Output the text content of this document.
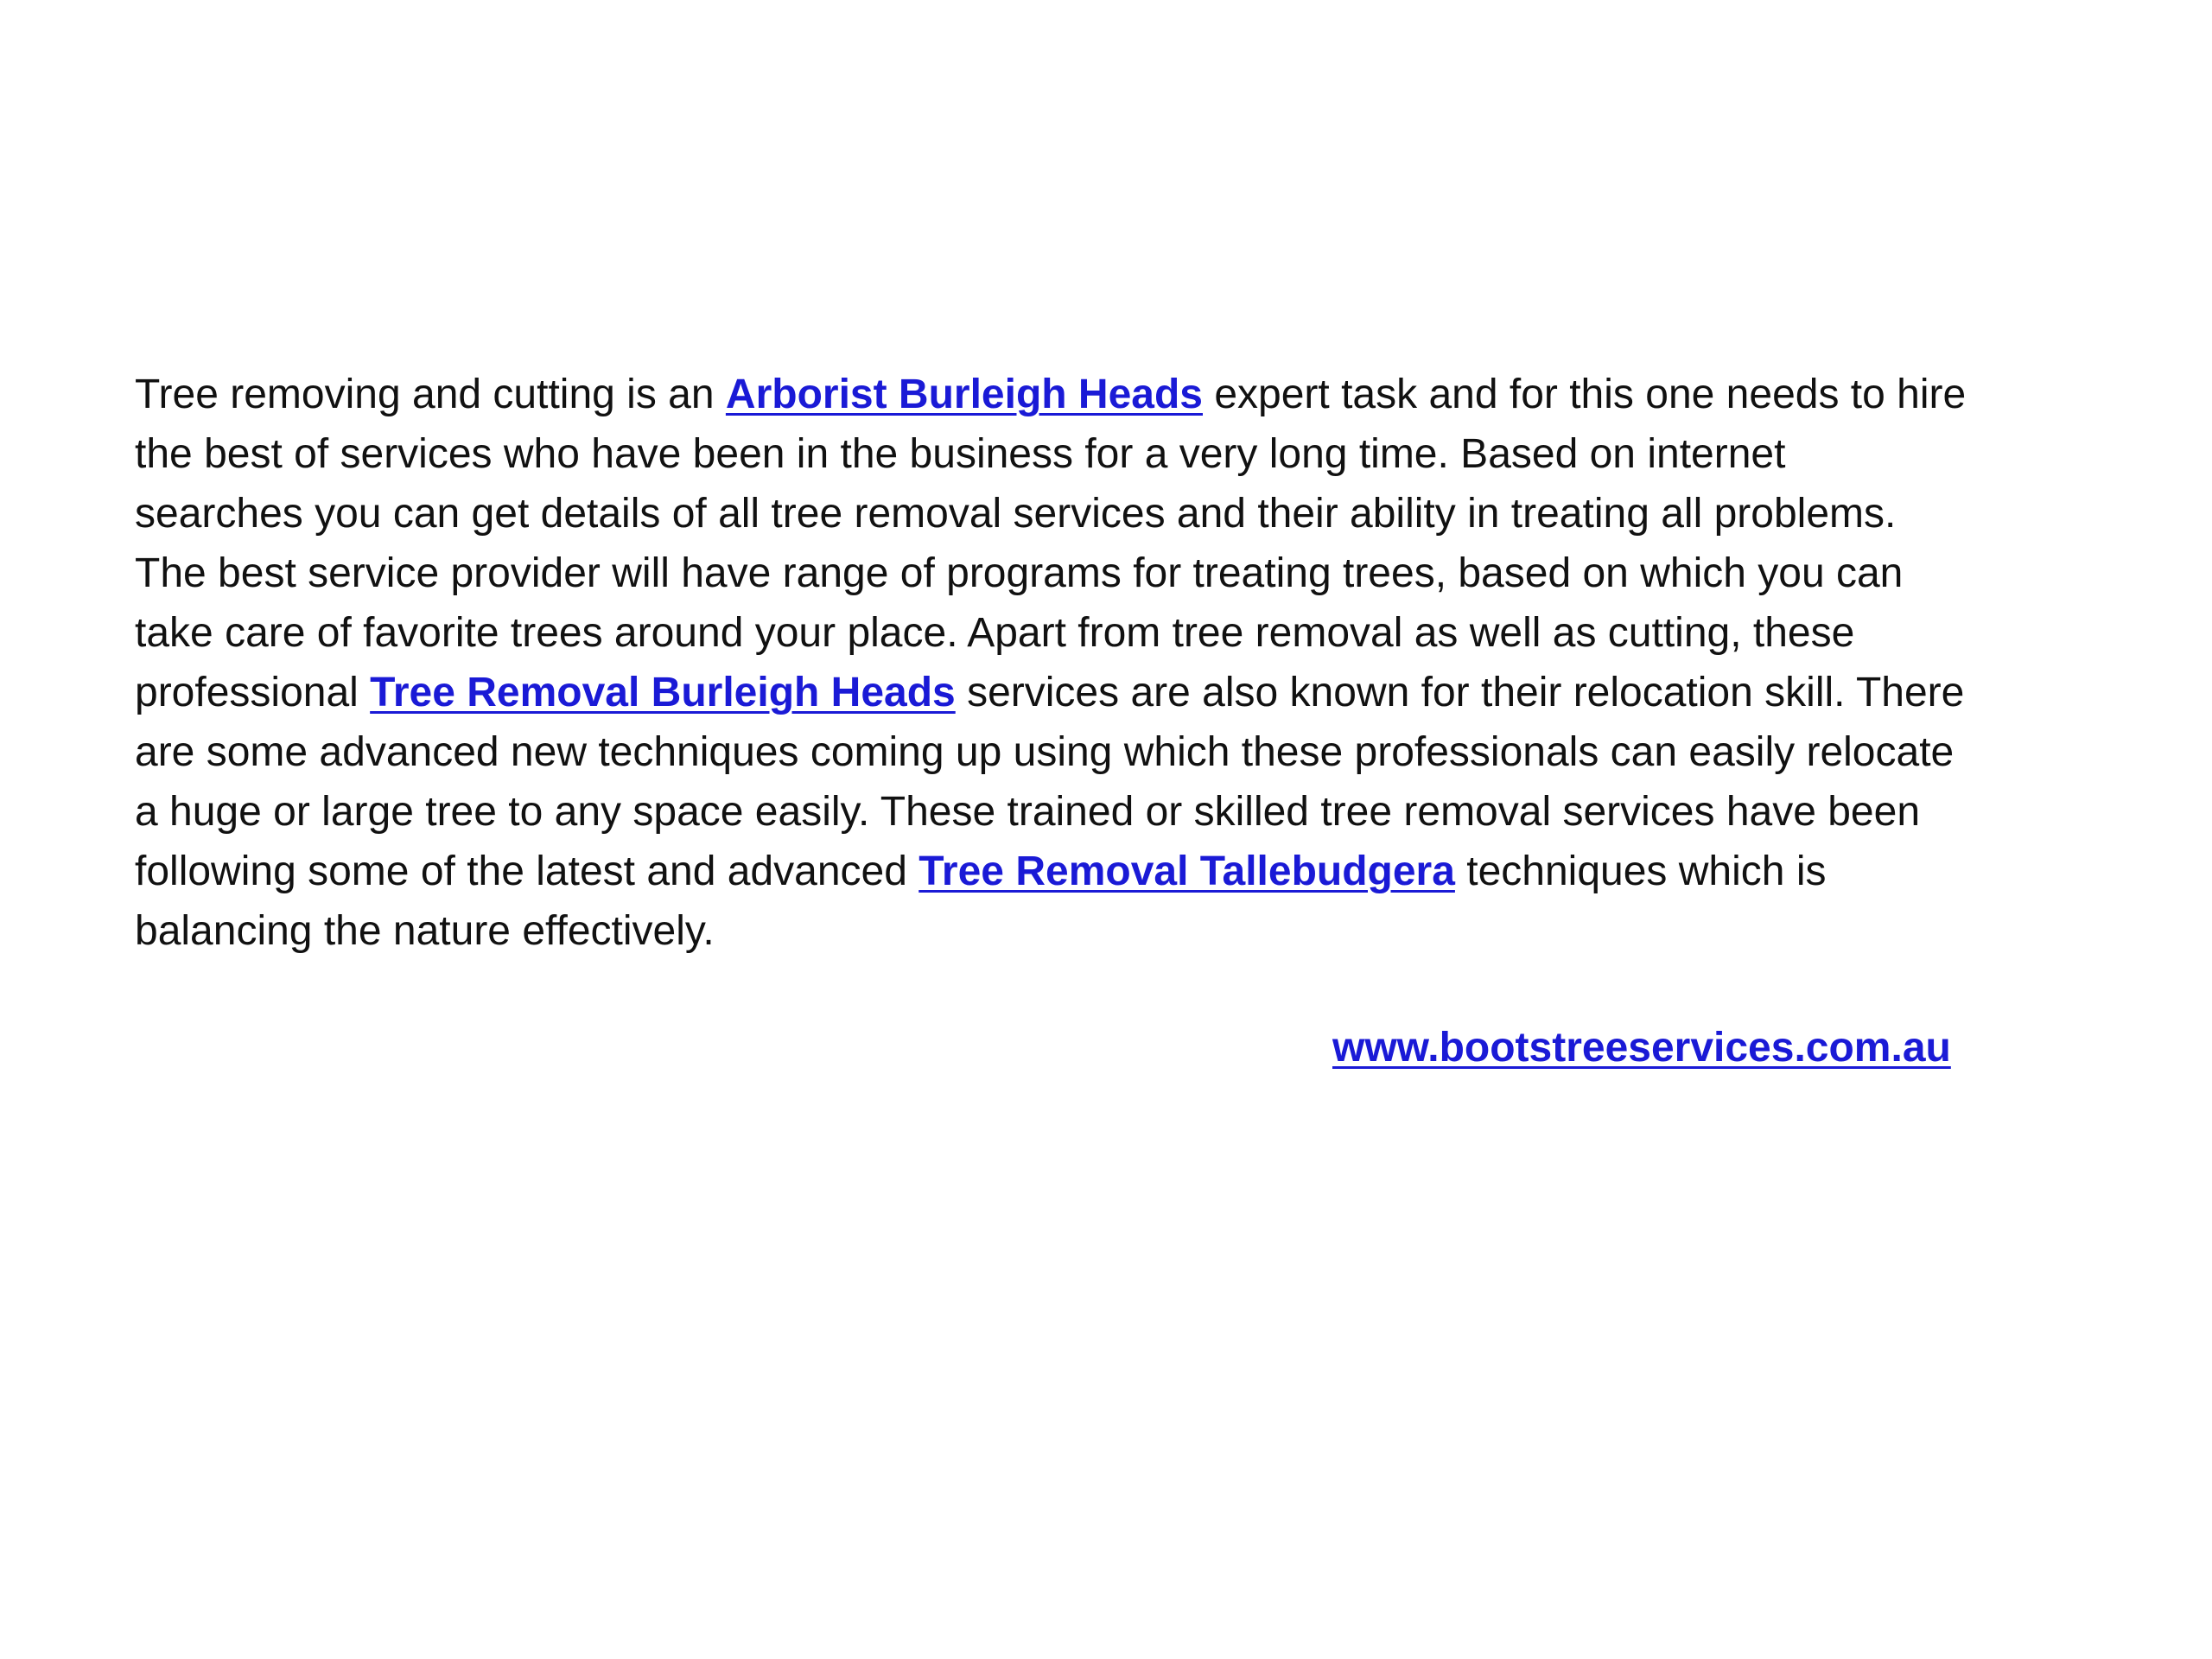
Tree removing and cutting is an Arborist Burleigh Heads expert task and for this one needs to hire
the best of services who have been in the business for a very long time. Based on internet
searches you can get details of all tree removal services and their ability in treating all problems.
The best service provider will have range of programs for treating trees, based on which you can
take care of favorite trees around your place. Apart from tree removal as well as cutting, these
professional Tree Removal Burleigh Heads services are also known for their relocation skill. There
are some advanced new techniques coming up using which these professionals can easily relocate
a huge or large tree to any space easily. These trained or skilled tree removal services have been
following some of the latest and advanced Tree Removal Tallebudgera techniques which is
balancing the nature effectively.

www.bootstreeservices.com.au
